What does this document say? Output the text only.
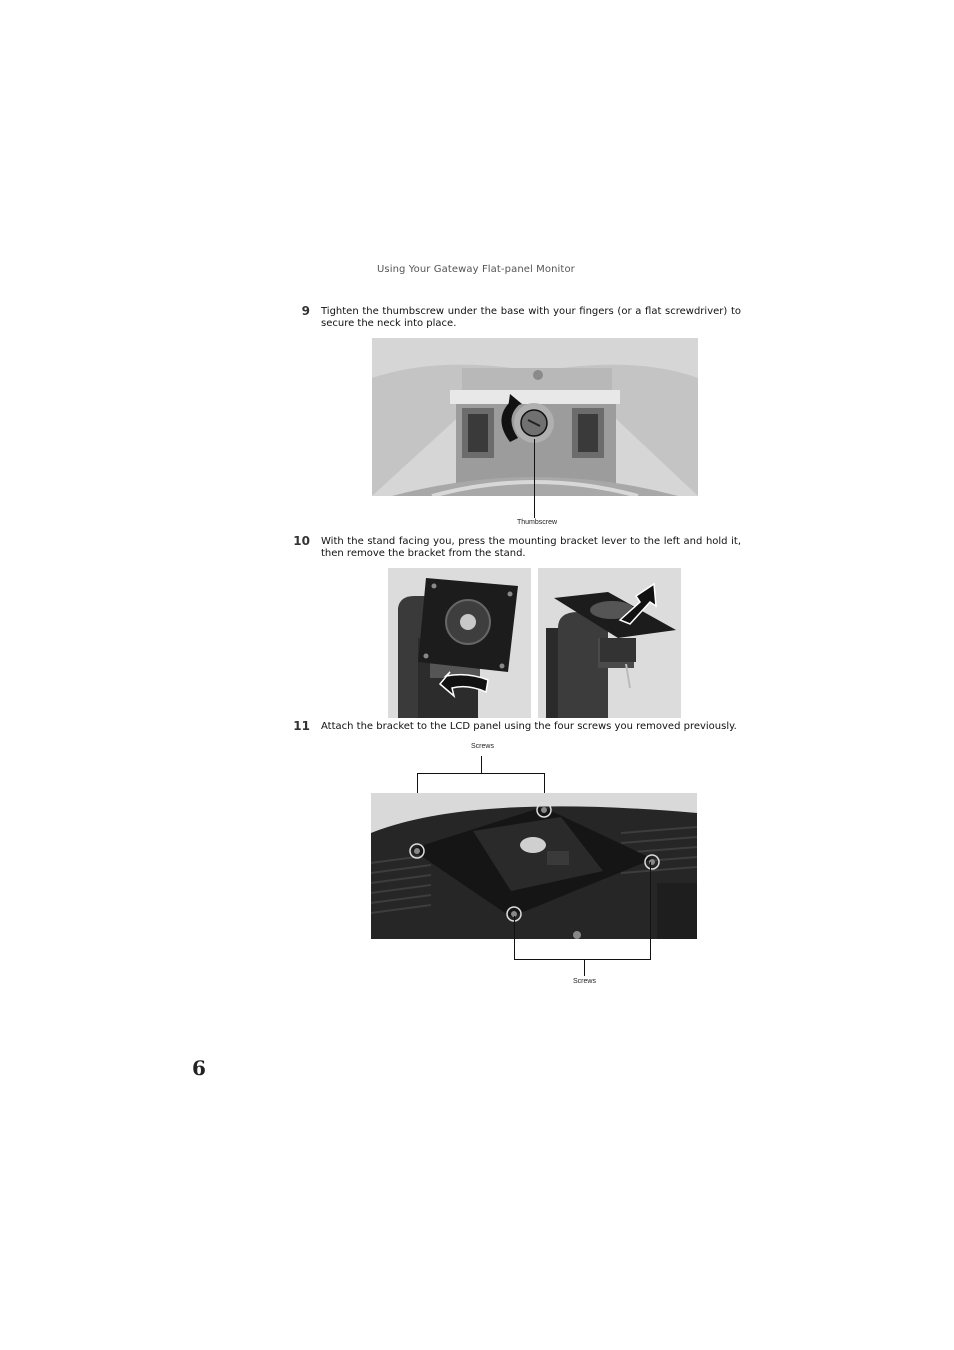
Using Your Gateway Flat-panel Monitor
9 Tighten the thumbscrew under the base with your fingers (or a flat screwdriver) to secure the neck into place.
Thumbscrew
10 With the stand facing you, press the mounting bracket lever to the left and hold it, then remove the bracket from the stand.
11 Attach the bracket to the LCD panel using the four screws you removed previously.
Screws
Screws
6
